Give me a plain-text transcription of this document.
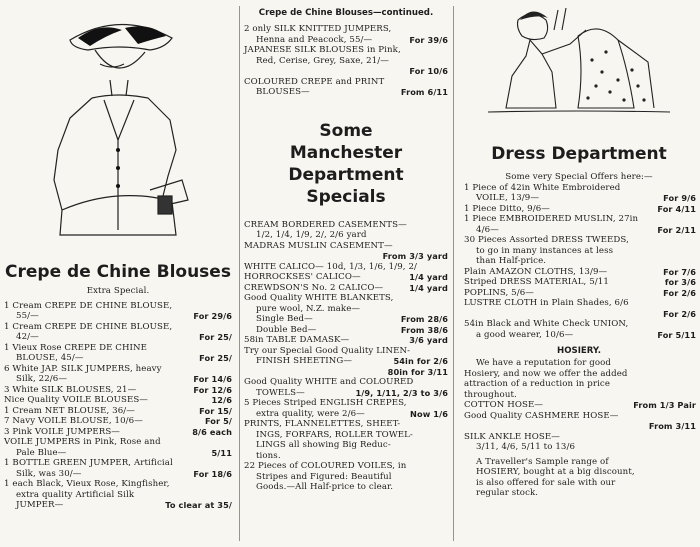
Crepe de Chine Blouses
Extra Special.
1 Cream CREPE DE CHINE BLOUSE,
55/—	For 29/6
1 Cream CREPE DE CHINE BLOUSE,
42/—	For 25/
1 Vieux Rose CREPE DE CHINE
BLOUSE, 45/—	For 25/
6 White JAP. SILK JUMPERS, heavy
Silk, 22/6—	For 14/6
3 White SILK BLOUSES, 21—	For 12/6
Nice Quality VOILE BLOUSES—	12/6
1 Cream NET BLOUSE, 36/—	For 15/
7 Navy VOILE BLOUSE, 10/6—	For 5/
3 Pink VOILE JUMPERS—	8/6 each
VOILE JUMPERS in Pink, Rose and
Pale Blue—	5/11
1 BOTTLE GREEN JUMPER, Artificial
Silk, was 30/—	For 18/6
1 each Black, Vieux Rose, Kingfisher,
extra quality Artificial Silk
JUMPER—	To clear at 35/
Crepe de Chine Blouses—continued.
2 only SILK KNITTED JUMPERS,
Henna and Peacock, 55/—	For 39/6
JAPANESE SILK BLOUSES in Pink,
Red, Cerise, Grey, Saxe, 21/—
For 10/6
COLOURED CREPE and PRINT
BLOUSES—	From 6/11
Some
Manchester Department
Specials
CREAM BORDERED CASEMENTS—
1/2, 1/4, 1/9, 2/, 2/6 yard
MADRAS MUSLIN CASEMENT—
From 3/3 yard
WHITE CALICO— 10d, 1/3, 1/6, 1/9, 2/
HORROCKSES' CALICO—	1/4 yard
CREWDSON'S No. 2 CALICO—	1/4 yard
Good Quality WHITE BLANKETS,
pure wool, N.Z. make—
Single Bed—	From 28/6
Double Bed—	From 38/6
58in TABLE DAMASK—	3/6 yard
Try our Special Good Quality LINEN-
FINISH SHEETING—	54in for 2/6
80in for 3/11
Good Quality WHITE and COLOURED
TOWELS—	1/9, 1/11, 2/3 to 3/6
5 Pieces Striped ENGLISH CREPES,
extra quality, were 2/6—	Now 1/6
PRINTS, FLANNELETTES, SHEET-
INGS, FORFARS, ROLLER TOWEL-
LINGS all showing Big Reduc-
tions.
22 Pieces of COLOURED VOILES, in
Stripes and Figured: Beautiful
Goods.—All Half-price to clear.
Dress Department
Some very Special Offers here:—
1 Piece of 42in White Embroidered
VOILE, 13/9—	For 9/6
1 Piece Ditto, 9/6—	For 4/11
1 Piece EMBROIDERED MUSLIN, 27in
4/6—	For 2/11
30 Pieces Assorted DRESS TWEEDS,
to go in many instances at less
than Half-price.
Plain AMAZON CLOTHS, 13/9—	For 7/6
Striped DRESS MATERIAL, 5/11	for 3/6
POPLINS, 5/6—	For 2/6
LUSTRE CLOTH in Plain Shades, 6/6
For 2/6
54in Black and White Check UNION,
a good wearer, 10/6—	For 5/11
HOSIERY.

We have a reputation for good

Hosiery, and now we offer the added

attraction of a reduction in price

throughout.

COTTON HOSE—	From 1/3 Pair
Good Quality CASHMERE HOSE—
From 3/11
SILK ANKLE HOSE—
3/11, 4/6, 5/11 to 13/6

A Traveller's Sample range of

HOSIERY, bought at a big discount,

is also offered for sale with our

regular stock.
